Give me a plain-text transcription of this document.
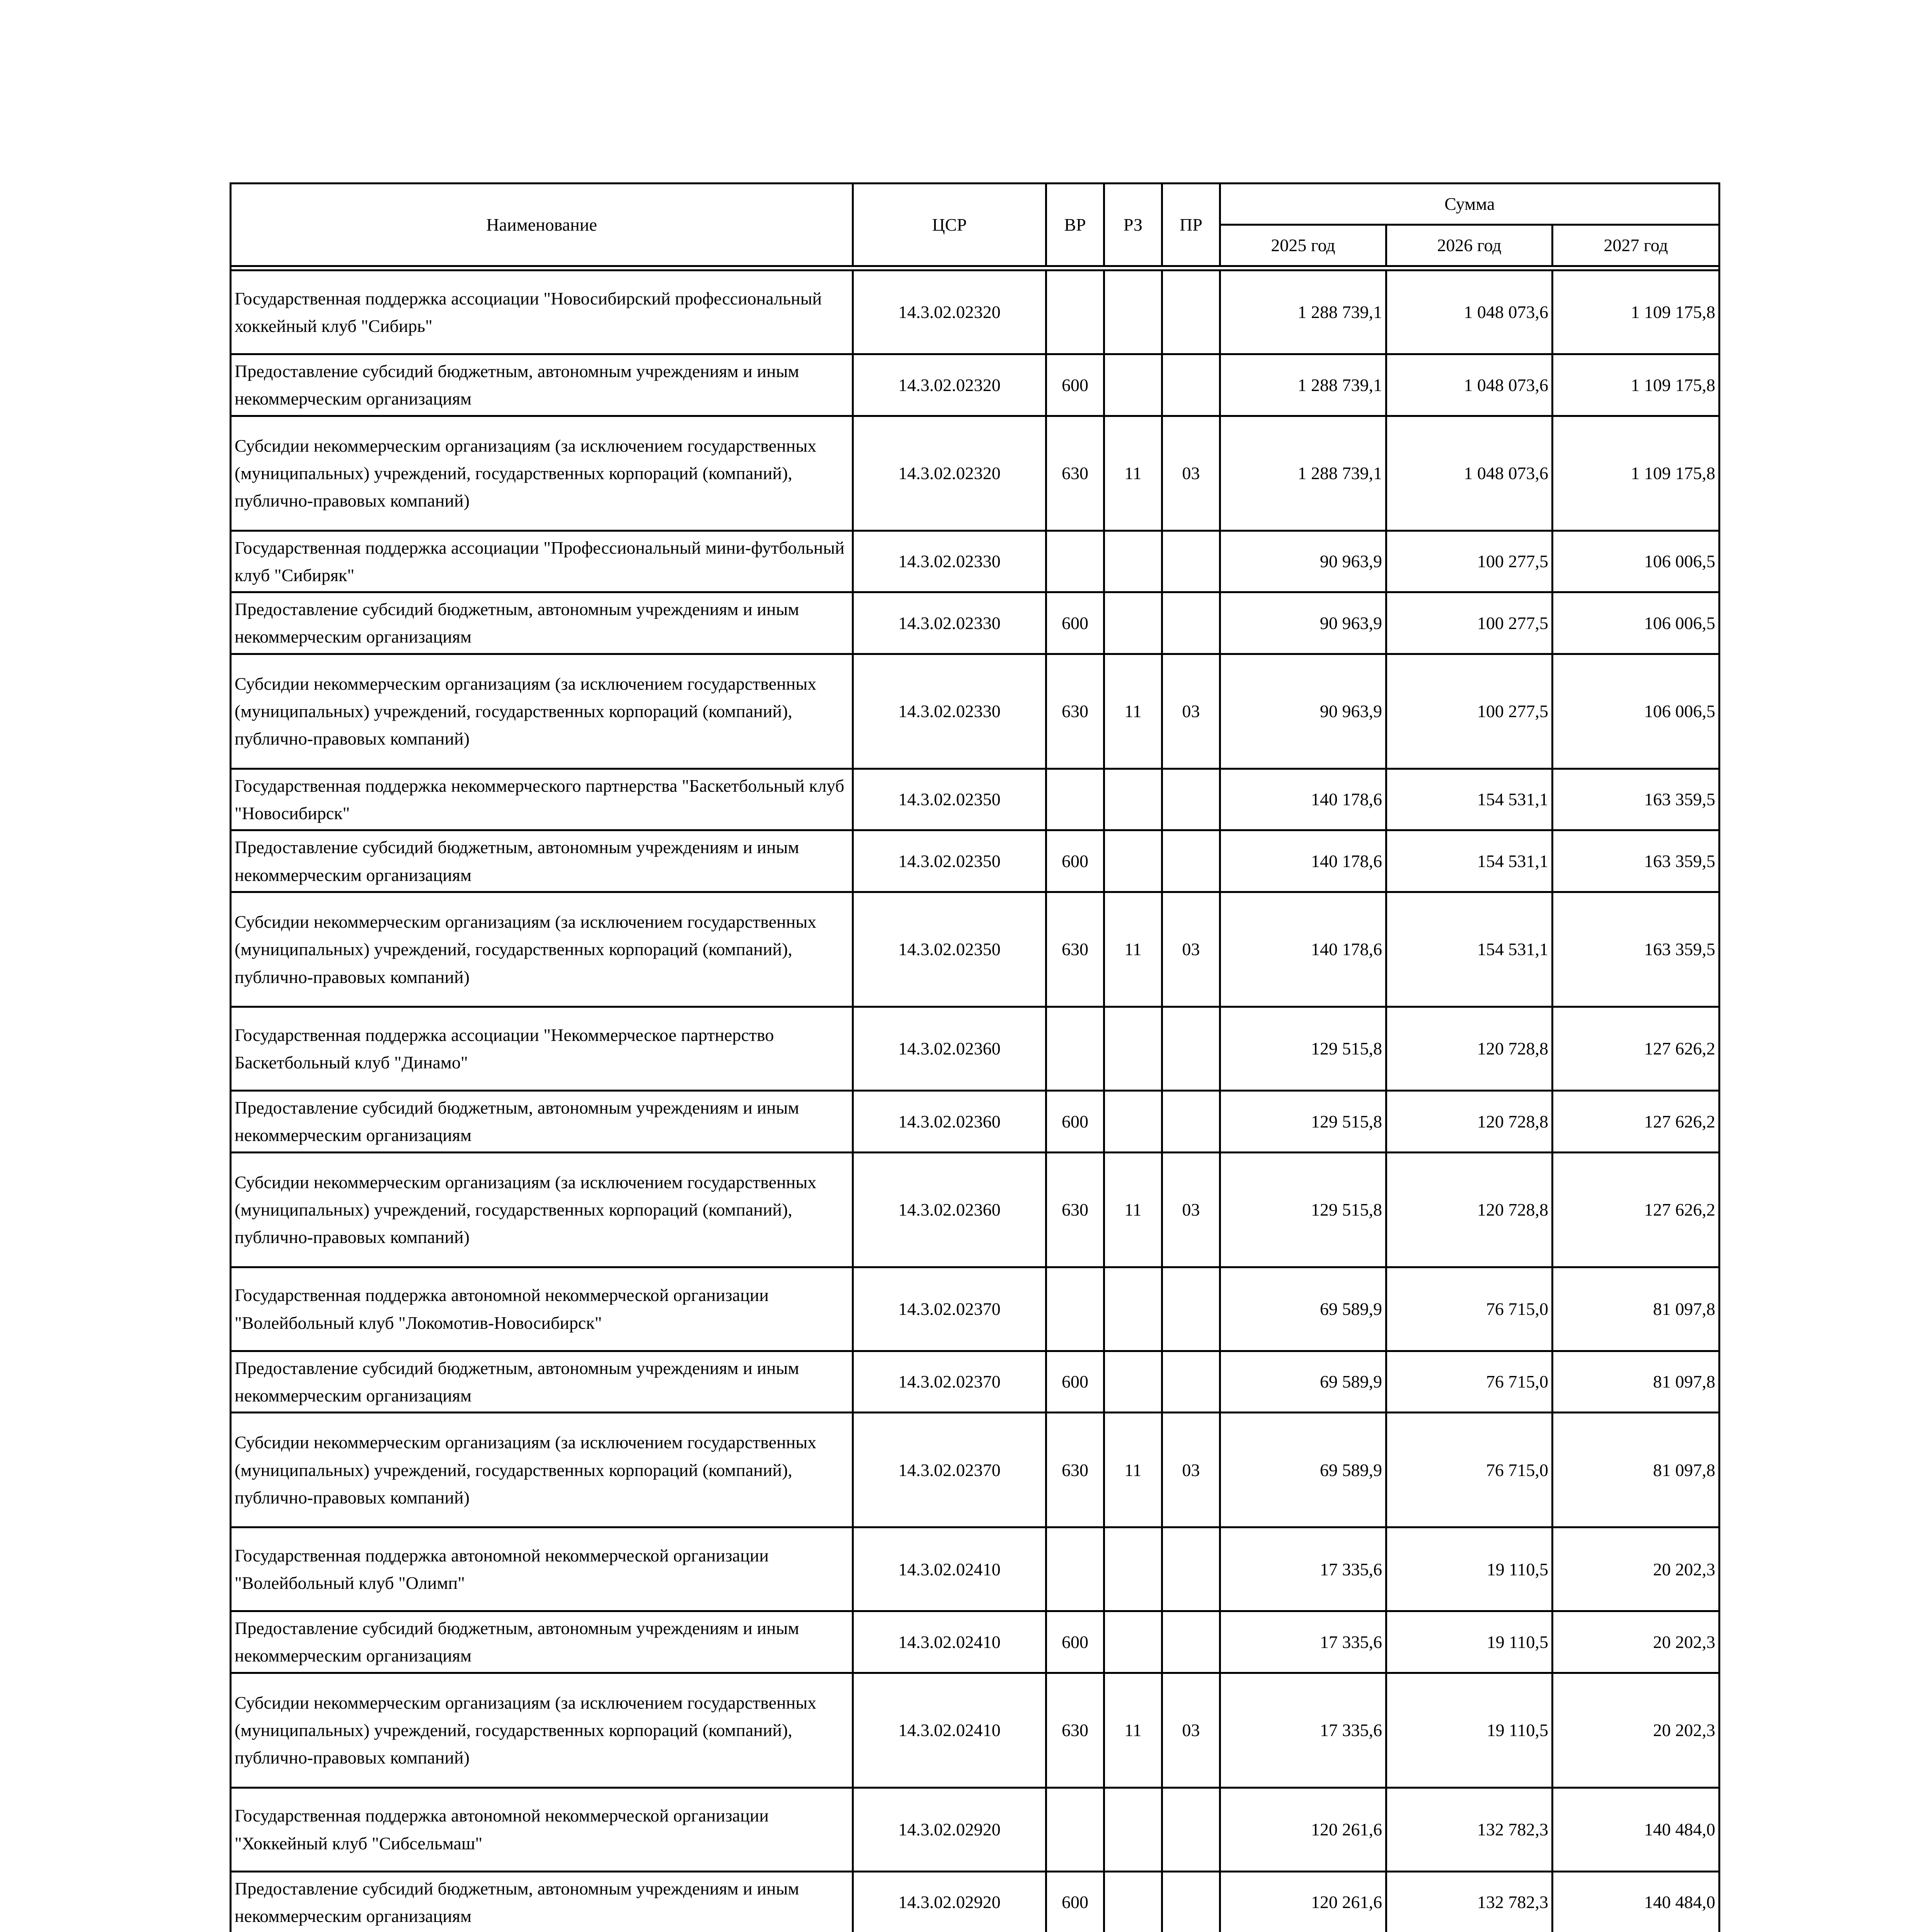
Наименование	ЦСР	ВР	РЗ	ПР	Сумма		
					2025 год	2026 год	2027 год

Государственная поддержка ассоциации "Новосибирский профессиональный хоккейный клуб "Сибирь"	14.3.02.02320				1 288 739,1	1 048 073,6	1 109 175,8
Предоставление субсидий бюджетным, автономным учреждениям и иным некоммерческим организациям	14.3.02.02320	600			1 288 739,1	1 048 073,6	1 109 175,8
Субсидии некоммерческим организациям (за исключением государственных (муниципальных) учреждений, государственных корпораций (компаний), публично-правовых компаний)	14.3.02.02320	630	11	03	1 288 739,1	1 048 073,6	1 109 175,8
Государственная поддержка ассоциации "Профессиональный мини-футбольный клуб "Сибиряк"	14.3.02.02330				90 963,9	100 277,5	106 006,5
Предоставление субсидий бюджетным, автономным учреждениям и иным некоммерческим организациям	14.3.02.02330	600			90 963,9	100 277,5	106 006,5
Субсидии некоммерческим организациям (за исключением государственных (муниципальных) учреждений, государственных корпораций (компаний), публично-правовых компаний)	14.3.02.02330	630	11	03	90 963,9	100 277,5	106 006,5
Государственная поддержка некоммерческого партнерства "Баскетбольный клуб "Новосибирск"	14.3.02.02350				140 178,6	154 531,1	163 359,5
Предоставление субсидий бюджетным, автономным учреждениям и иным некоммерческим организациям	14.3.02.02350	600			140 178,6	154 531,1	163 359,5
Субсидии некоммерческим организациям (за исключением государственных (муниципальных) учреждений, государственных корпораций (компаний), публично-правовых компаний)	14.3.02.02350	630	11	03	140 178,6	154 531,1	163 359,5
Государственная поддержка ассоциации "Некоммерческое партнерство Баскетбольный клуб "Динамо"	14.3.02.02360				129 515,8	120 728,8	127 626,2
Предоставление субсидий бюджетным, автономным учреждениям и иным некоммерческим организациям	14.3.02.02360	600			129 515,8	120 728,8	127 626,2
Субсидии некоммерческим организациям (за исключением государственных (муниципальных) учреждений, государственных корпораций (компаний), публично-правовых компаний)	14.3.02.02360	630	11	03	129 515,8	120 728,8	127 626,2
Государственная поддержка автономной некоммерческой организации "Волейбольный клуб "Локомотив-Новосибирск"	14.3.02.02370				69 589,9	76 715,0	81 097,8
Предоставление субсидий бюджетным, автономным учреждениям и иным некоммерческим организациям	14.3.02.02370	600			69 589,9	76 715,0	81 097,8
Субсидии некоммерческим организациям (за исключением государственных (муниципальных) учреждений, государственных корпораций (компаний), публично-правовых компаний)	14.3.02.02370	630	11	03	69 589,9	76 715,0	81 097,8
Государственная поддержка автономной некоммерческой организации "Волейбольный клуб "Олимп"	14.3.02.02410				17 335,6	19 110,5	20 202,3
Предоставление субсидий бюджетным, автономным учреждениям и иным некоммерческим организациям	14.3.02.02410	600			17 335,6	19 110,5	20 202,3
Субсидии некоммерческим организациям (за исключением государственных (муниципальных) учреждений, государственных корпораций (компаний), публично-правовых компаний)	14.3.02.02410	630	11	03	17 335,6	19 110,5	20 202,3
Государственная поддержка автономной некоммерческой организации "Хоккейный клуб "Сибсельмаш"	14.3.02.02920				120 261,6	132 782,3	140 484,0
Предоставление субсидий бюджетным, автономным учреждениям и иным некоммерческим организациям	14.3.02.02920	600			120 261,6	132 782,3	140 484,0
